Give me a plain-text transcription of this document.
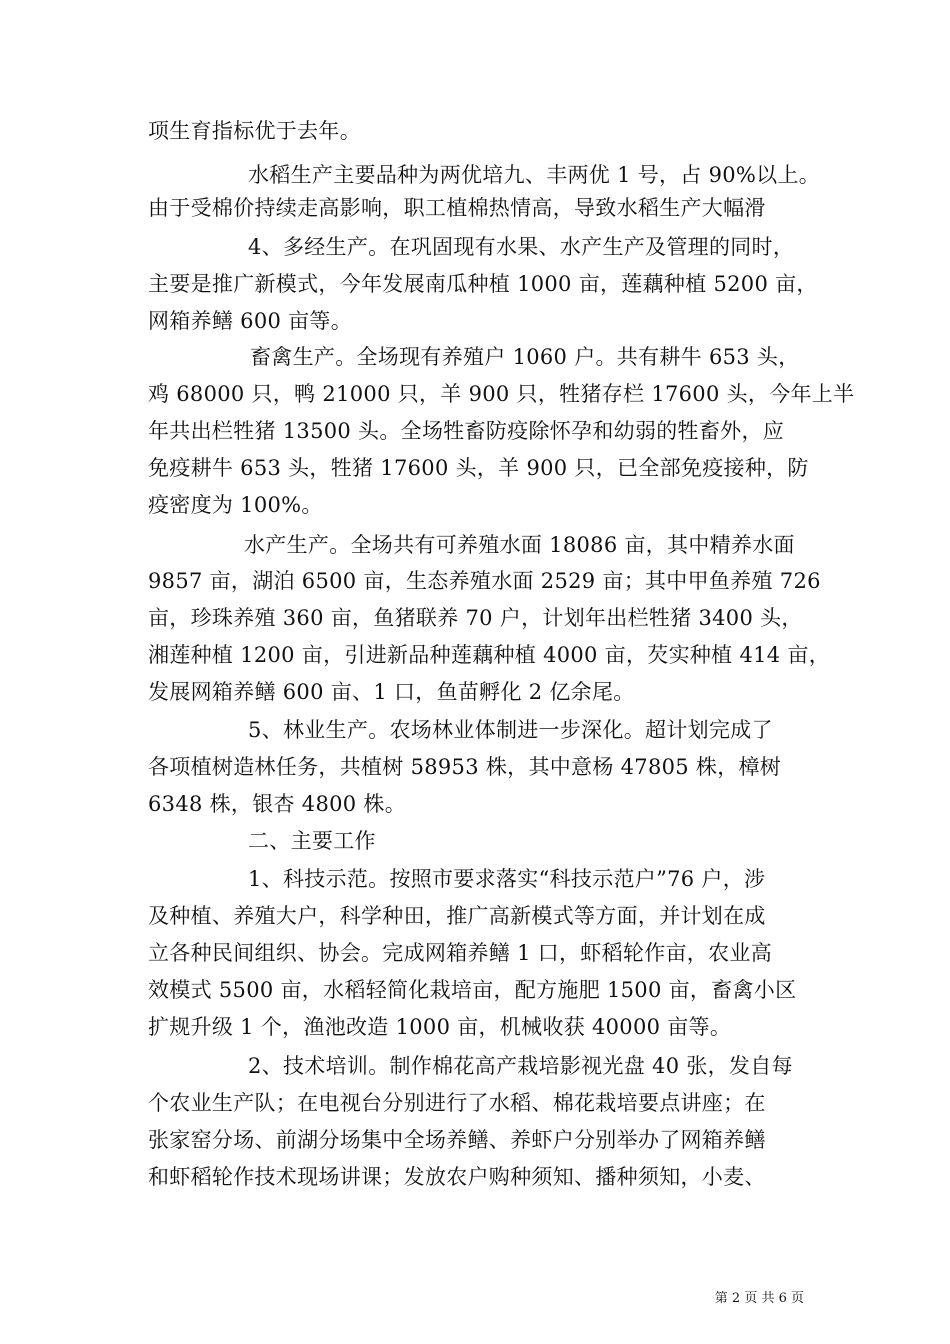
项生育指标优于去年。
水稻生产主要品种为两优培九、丰两优 1 号，占 90%以上。
由于受棉价持续走高影响，职工植棉热情高，导致水稻生产大幅滑
4、多经生产。在巩固现有水果、水产生产及管理的同时，
主要是推广新模式，今年发展南瓜种植 1000 亩，莲藕种植 5200 亩，
网箱养鳝 600 亩等。
畜禽生产。全场现有养殖户 1060 户。共有耕牛 653 头，
鸡 68000 只，鸭 21000 只，羊 900 只，牲猪存栏 17600 头，今年上半
年共出栏牲猪 13500 头。全场牲畜防疫除怀孕和幼弱的牲畜外，应
免疫耕牛 653 头，牲猪 17600 头，羊 900 只，已全部免疫接种，防
疫密度为 100%。
水产生产。全场共有可养殖水面 18086 亩，其中精养水面
9857 亩，湖泊 6500 亩，生态养殖水面 2529 亩；其中甲鱼养殖 726
亩，珍珠养殖 360 亩，鱼猪联养 70 户，计划年出栏牲猪 3400 头，
湘莲种植 1200 亩，引进新品种莲藕种植 4000 亩，芡实种植 414 亩，
发展网箱养鳝 600 亩、1 口，鱼苗孵化 2 亿余尾。
5、林业生产。农场林业体制进一步深化。超计划完成了
各项植树造林任务，共植树 58953 株，其中意杨 47805 株，樟树
6348 株，银杏 4800 株。
二、主要工作
1、科技示范。按照市要求落实“科技示范户”76 户，涉
及种植、养殖大户，科学种田，推广高新模式等方面，并计划在成
立各种民间组织、协会。完成网箱养鳝 1 口，虾稻轮作亩，农业高
效模式 5500 亩，水稻轻简化栽培亩，配方施肥 1500 亩，畜禽小区
扩规升级 1 个，渔池改造 1000 亩，机械收获 40000 亩等。
2、技术培训。制作棉花高产栽培影视光盘 40 张，发自每
个农业生产队；在电视台分别进行了水稻、棉花栽培要点讲座；在
张家窑分场、前湖分场集中全场养鳝、养虾户分别举办了网箱养鳝
和虾稻轮作技术现场讲课；发放农户购种须知、播种须知，小麦、
第 2 页 共 6 页
